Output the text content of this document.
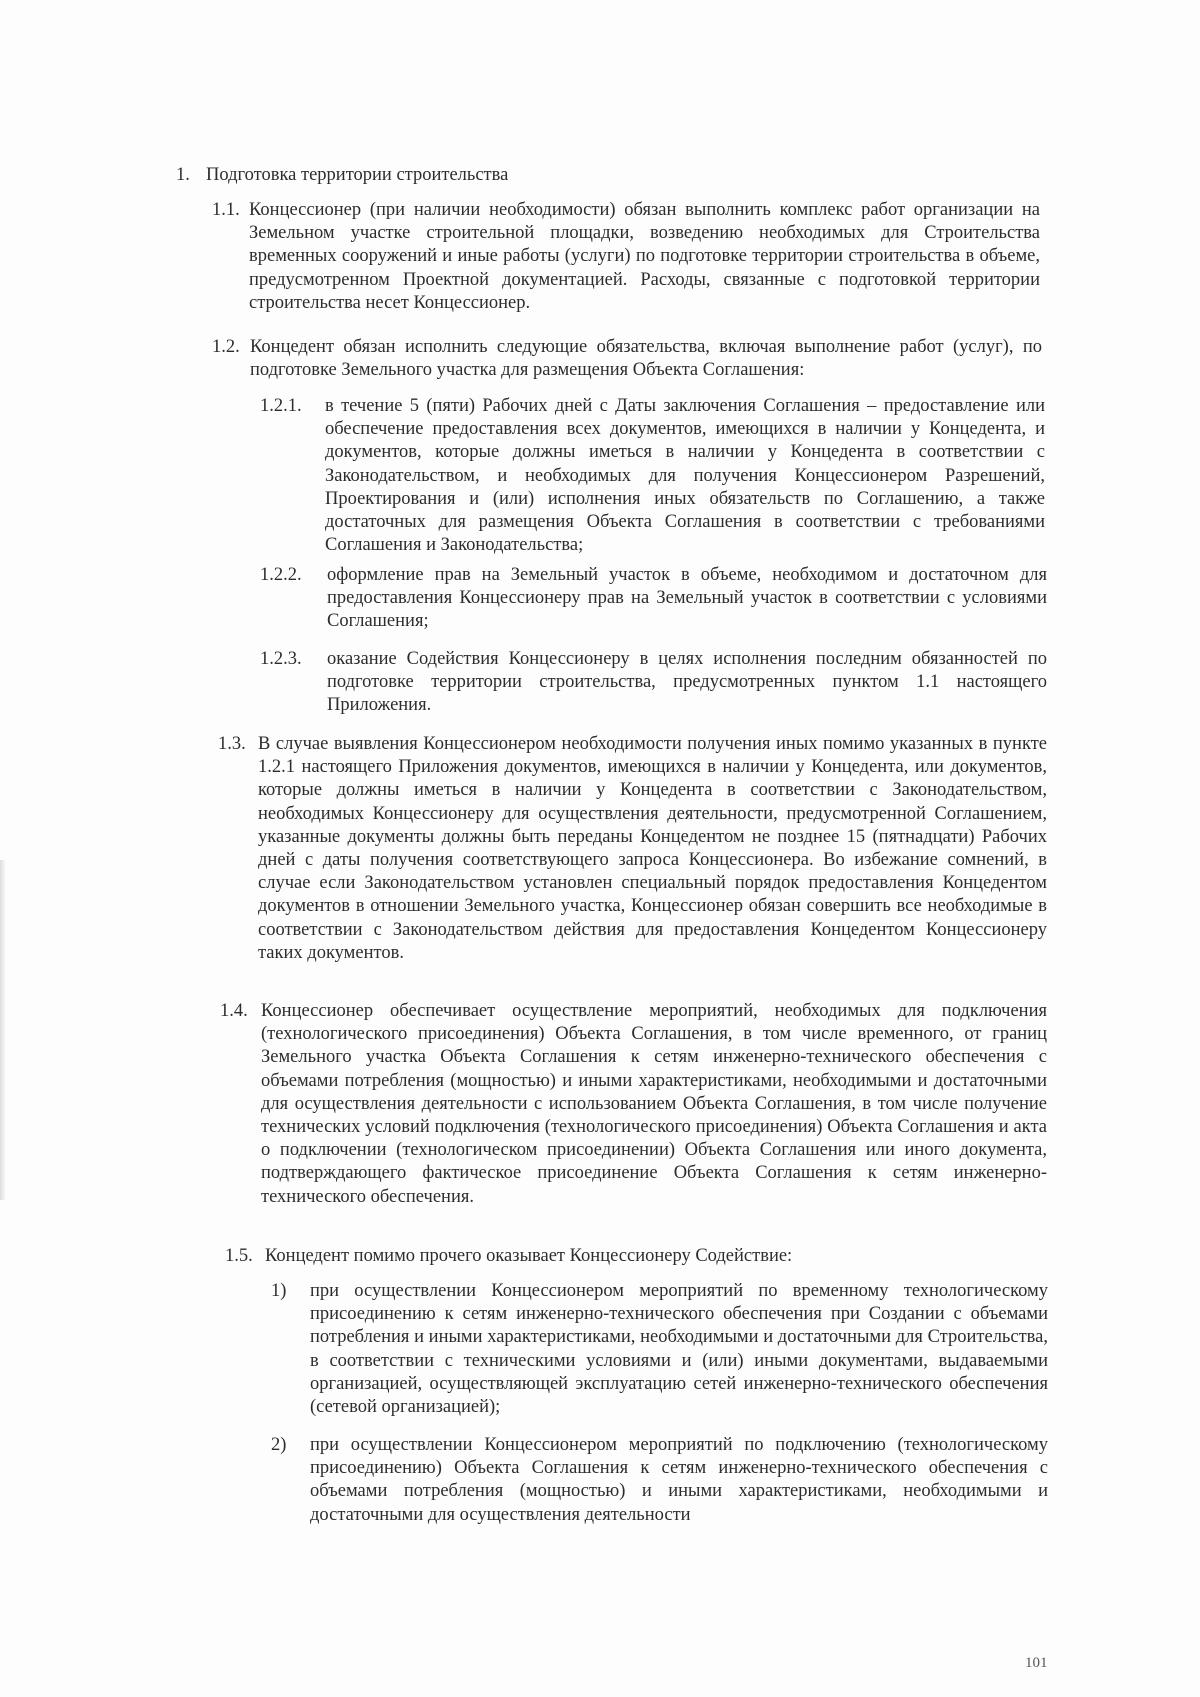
1. Подготовка территории строительства
1.1. Концессионер (при наличии необходимости) обязан выполнить комплекс работ организации на Земельном участке строительной площадки, возведению необходимых для Строительства временных сооружений и иные работы (услуги) по подготовке территории строительства в объеме, предусмотренном Проектной документацией. Расходы, связанные с подготовкой территории строительства несет Концессионер.
1.2. Концедент обязан исполнить следующие обязательства, включая выполнение работ (услуг), по подготовке Земельного участка для размещения Объекта Соглашения:
1.2.1. в течение 5 (пяти) Рабочих дней с Даты заключения Соглашения – предоставление или обеспечение предоставления всех документов, имеющихся в наличии у Концедента, и документов, которые должны иметься в наличии у Концедента в соответствии с Законодательством, и необходимых для получения Концессионером Разрешений, Проектирования и (или) исполнения иных обязательств по Соглашению, а также достаточных для размещения Объекта Соглашения в соответствии с требованиями Соглашения и Законодательства;
1.2.2. оформление прав на Земельный участок в объеме, необходимом и достаточном для предоставления Концессионеру прав на Земельный участок в соответствии с условиями Соглашения;
1.2.3. оказание Содействия Концессионеру в целях исполнения последним обязанностей по подготовке территории строительства, предусмотренных пунктом 1.1 настоящего Приложения.
1.3. В случае выявления Концессионером необходимости получения иных помимо указанных в пункте 1.2.1 настоящего Приложения документов, имеющихся в наличии у Концедента, или документов, которые должны иметься в наличии у Концедента в соответствии с Законодательством, необходимых Концессионеру для осуществления деятельности, предусмотренной Соглашением, указанные документы должны быть переданы Концедентом не позднее 15 (пятнадцати) Рабочих дней с даты получения соответствующего запроса Концессионера. Во избежание сомнений, в случае если Законодательством установлен специальный порядок предоставления Концедентом документов в отношении Земельного участка, Концессионер обязан совершить все необходимые в соответствии с Законодательством действия для предоставления Концедентом Концессионеру таких документов.
1.4. Концессионер обеспечивает осуществление мероприятий, необходимых для подключения (технологического присоединения) Объекта Соглашения, в том числе временного, от границ Земельного участка Объекта Соглашения к сетям инженерно-технического обеспечения с объемами потребления (мощностью) и иными характеристиками, необходимыми и достаточными для осуществления деятельности с использованием Объекта Соглашения, в том числе получение технических условий подключения (технологического присоединения) Объекта Соглашения и акта о подключении (технологическом присоединении) Объекта Соглашения или иного документа, подтверждающего фактическое присоединение Объекта Соглашения к сетям инженерно-технического обеспечения.
1.5. Концедент помимо прочего оказывает Концессионеру Содействие:
1) при осуществлении Концессионером мероприятий по временному технологическому присоединению к сетям инженерно-технического обеспечения при Создании с объемами потребления и иными характеристиками, необходимыми и достаточными для Строительства, в соответствии с техническими условиями и (или) иными документами, выдаваемыми организацией, осуществляющей эксплуатацию сетей инженерно-технического обеспечения (сетевой организацией);
2) при осуществлении Концессионером мероприятий по подключению (технологическому присоединению) Объекта Соглашения к сетям инженерно-технического обеспечения с объемами потребления (мощностью) и иными характеристиками, необходимыми и достаточными для осуществления деятельности
101
